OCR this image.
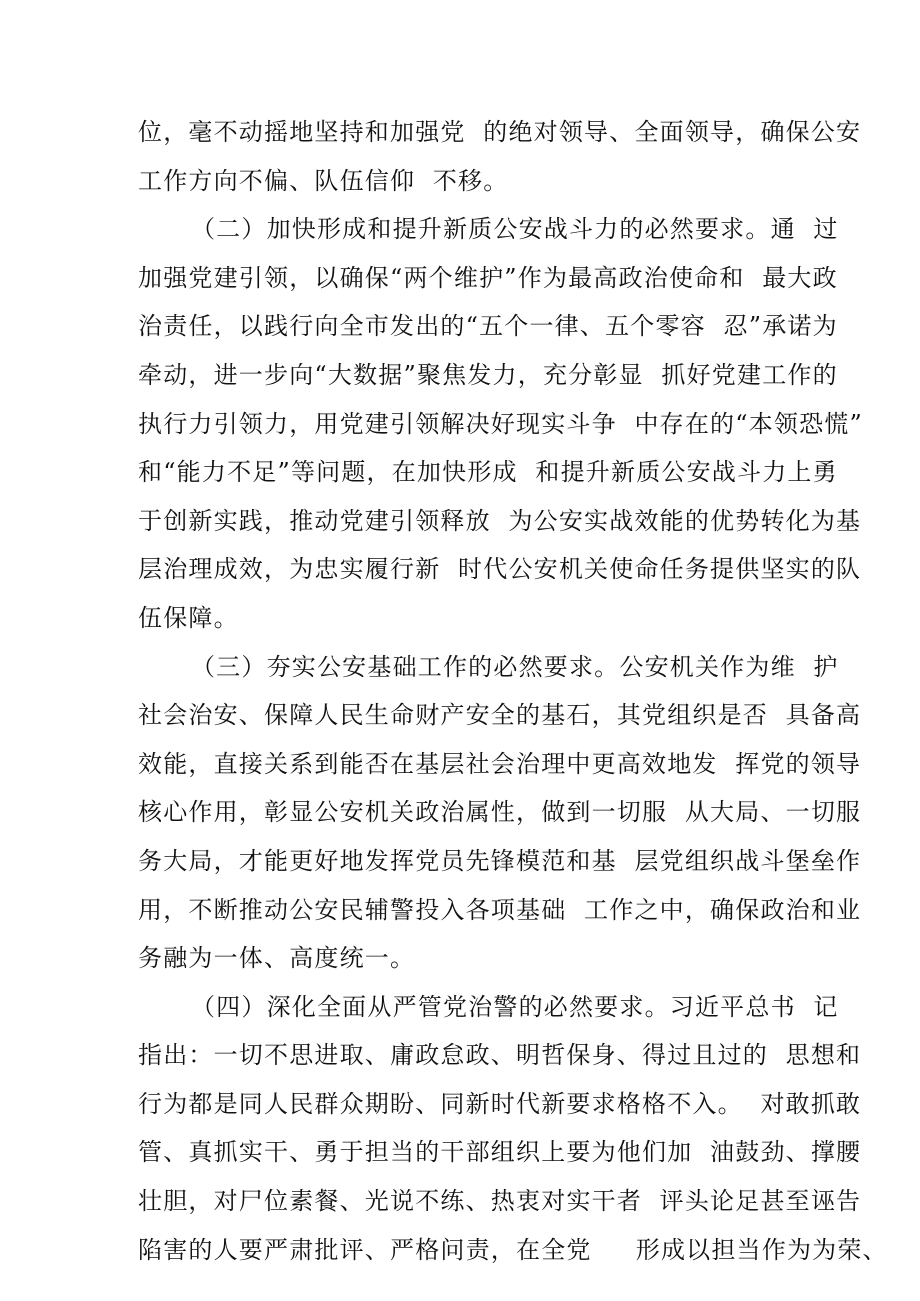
位，毫不动摇地坚持和加强党  的绝对领导、全面领导，确保公安
工作方向不偏、队伍信仰  不移。
（二）加快形成和提升新质公安战斗力的必然要求。通  过
加强党建引领，以确保“两个维护”作为最高政治使命和  最大政
治责任，以践行向全市发出的“五个一律、五个零容  忍”承诺为
牵动，进一步向“大数据”聚焦发力，充分彰显  抓好党建工作的
执行力引领力，用党建引领解决好现实斗争  中存在的“本领恐慌”
和“能力不足”等问题，在加快形成  和提升新质公安战斗力上勇
于创新实践，推动党建引领释放  为公安实战效能的优势转化为基
层治理成效，为忠实履行新  时代公安机关使命任务提供坚实的队
伍保障。
（三）夯实公安基础工作的必然要求。公安机关作为维  护
社会治安、保障人民生命财产安全的基石，其党组织是否  具备高
效能，直接关系到能否在基层社会治理中更高效地发  挥党的领导
核心作用，彰显公安机关政治属性，做到一切服  从大局、一切服
务大局，才能更好地发挥党员先锋模范和基  层党组织战斗堡垒作
用，不断推动公安民辅警投入各项基础  工作之中，确保政治和业
务融为一体、高度统一。
（四）深化全面从严管党治警的必然要求。习近平总书  记
指出：一切不思进取、庸政怠政、明哲保身、得过且过的  思想和
行为都是同人民群众期盼、同新时代新要求格格不入。  对敢抓敢
管、真抓实干、勇于担当的干部组织上要为他们加  油鼓劲、撑腰
壮胆，对尸位素餐、光说不练、热衷对实干者  评头论足甚至诬告
陷害的人要严肃批评、严格问责，在全党     形成以担当作为为荣、
